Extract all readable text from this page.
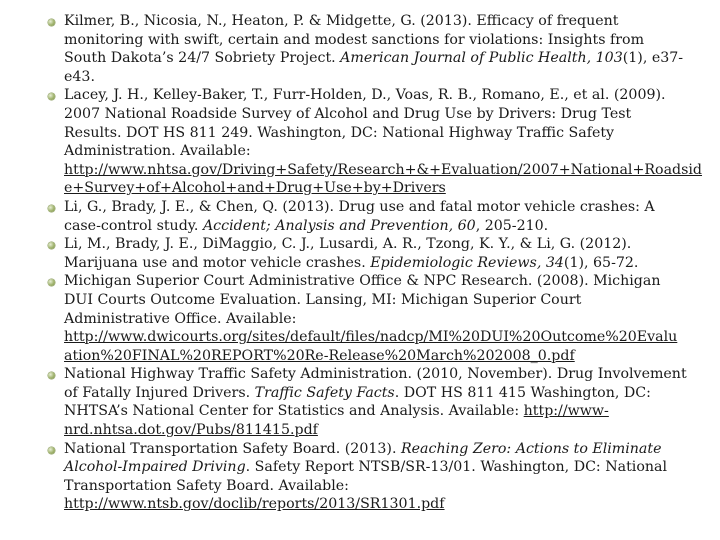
Kilmer, B., Nicosia, N., Heaton, P. & Midgette, G. (2013). Efficacy of frequent monitoring with swift, certain and modest sanctions for violations: Insights from South Dakota’s 24/7 Sobriety Project. American Journal of Public Health, 103(1), e37-e43.
Lacey, J. H., Kelley-Baker, T., Furr-Holden, D., Voas, R. B., Romano, E., et al. (2009). 2007 National Roadside Survey of Alcohol and Drug Use by Drivers: Drug Test Results. DOT HS 811 249. Washington, DC: National Highway Traffic Safety Administration. Available:
http://www.nhtsa.gov/Driving+Safety/Research+&+Evaluation/2007+National+Roadsid
e+Survey+of+Alcohol+and+Drug+Use+by+Drivers
Li, G., Brady, J. E., & Chen, Q. (2013). Drug use and fatal motor vehicle crashes: A case-control study. Accident; Analysis and Prevention, 60, 205-210.
Li, M., Brady, J. E., DiMaggio, C. J., Lusardi, A. R., Tzong, K. Y., & Li, G. (2012). Marijuana use and motor vehicle crashes. Epidemiologic Reviews, 34(1), 65-72.
Michigan Superior Court Administrative Office & NPC Research. (2008). Michigan DUI Courts Outcome Evaluation. Lansing, MI: Michigan Superior Court Administrative Office. Available:
http://www.dwicourts.org/sites/default/files/nadcp/MI%20DUI%20Outcome%20Evalu
ation%20FINAL%20REPORT%20Re-Release%20March%202008_0.pdf
National Highway Traffic Safety Administration. (2010, November). Drug Involvement of Fatally Injured Drivers. Traffic Safety Facts. DOT HS 811 415 Washington, DC: NHTSA’s National Center for Statistics and Analysis. Available: http://www-
nrd.nhtsa.dot.gov/Pubs/811415.pdf
National Transportation Safety Board. (2013). Reaching Zero: Actions to Eliminate Alcohol-Impaired Driving. Safety Report NTSB/SR-13/01. Washington, DC: National Transportation Safety Board. Available:
http://www.ntsb.gov/doclib/reports/2013/SR1301.pdf
